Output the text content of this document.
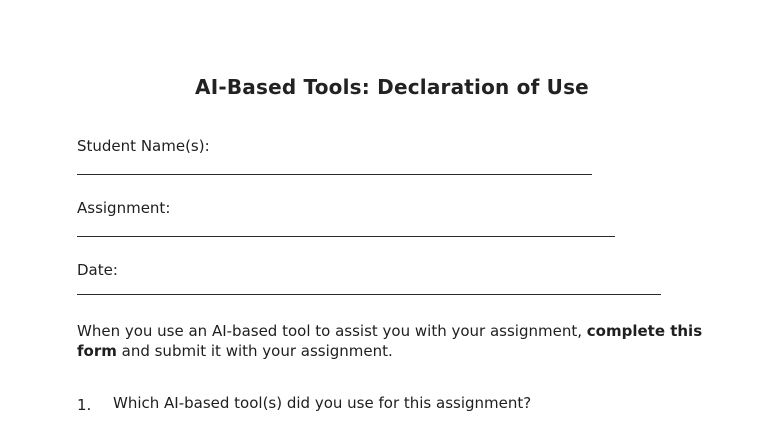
AI-Based Tools: Declaration of Use

Student Name(s):

Assignment:

Date:

When you use an AI-based tool to assist you with your assignment, complete this form and submit it with your assignment.

1. Which AI-based tool(s) did you use for this assignment?
